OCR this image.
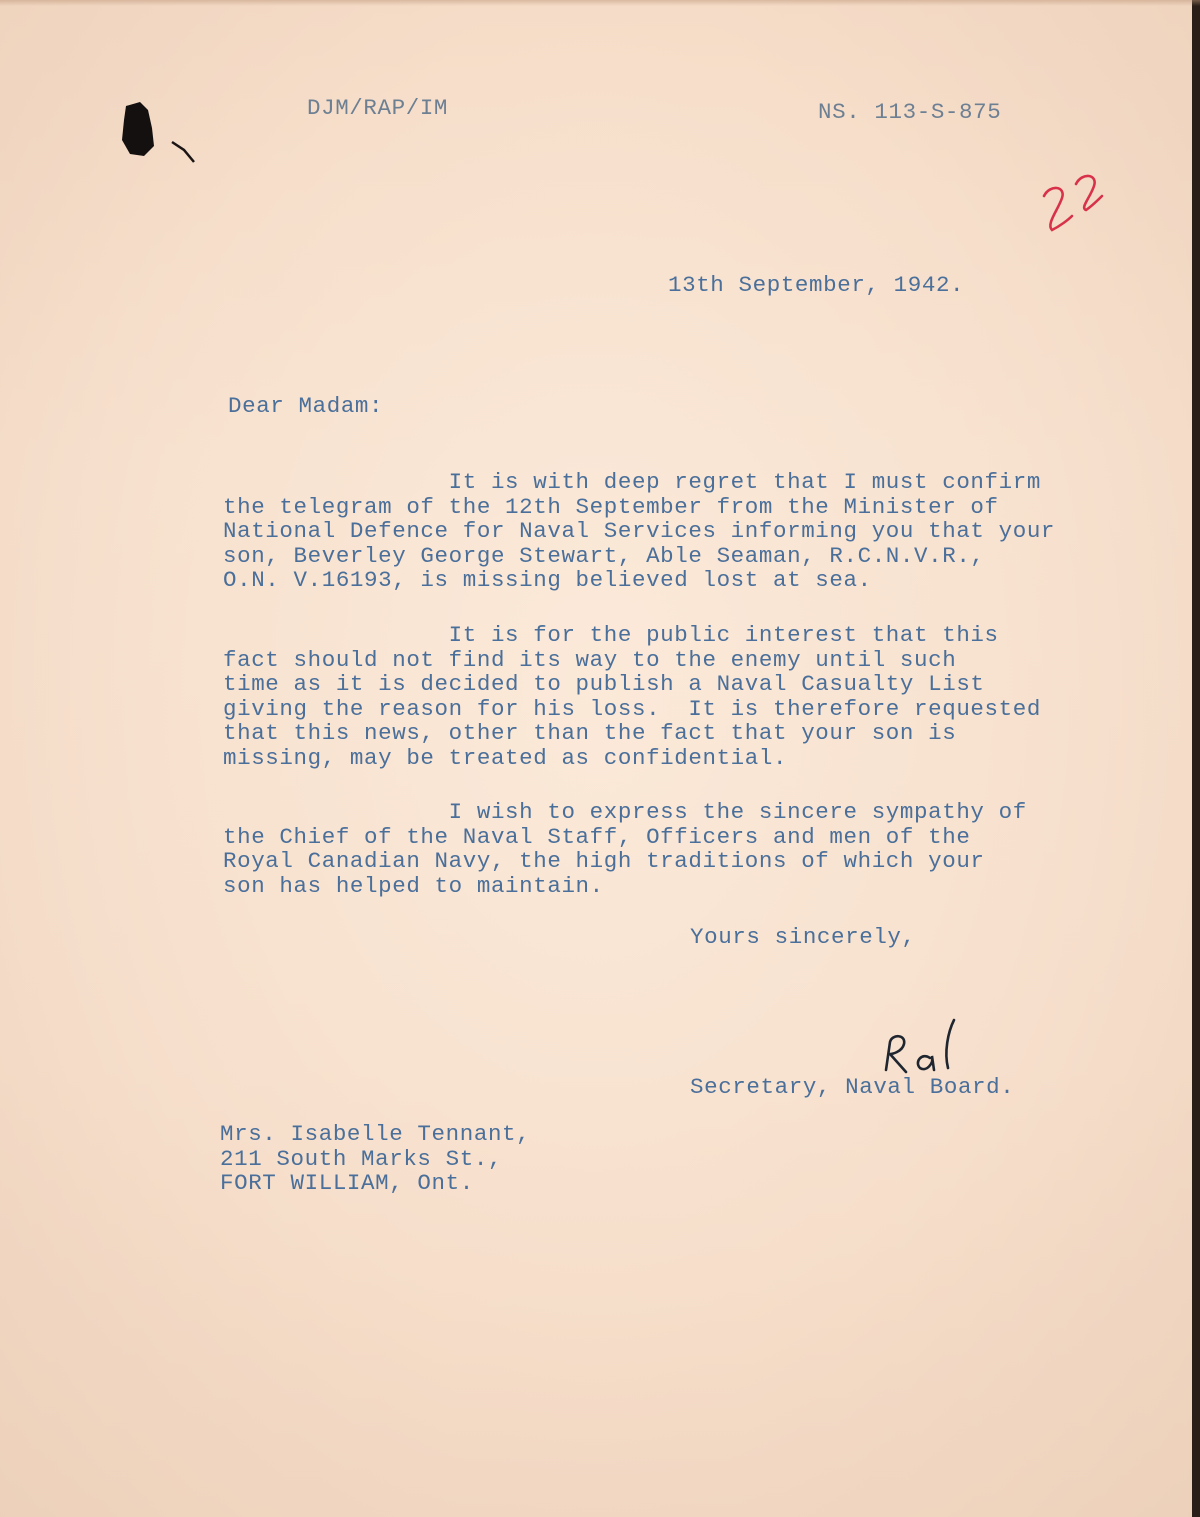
DJM/RAP/IM	NS. 113-S-875

13th September, 1942.

Dear Madam:

It is with deep regret that I must confirm
the telegram of the 12th September from the Minister of
National Defence for Naval Services informing you that your
son, Beverley George Stewart, Able Seaman, R.C.N.V.R.,
O.N. V.16193, is missing believed lost at sea.

It is for the public interest that this
fact should not find its way to the enemy until such
time as it is decided to publish a Naval Casualty List
giving the reason for his loss.  It is therefore requested
that this news, other than the fact that your son is
missing, may be treated as confidential.

I wish to express the sincere sympathy of
the Chief of the Naval Staff, Officers and men of the
Royal Canadian Navy, the high traditions of which your
son has helped to maintain.

Yours sincerely,

Secretary, Naval Board.

Mrs. Isabelle Tennant,
211 South Marks St.,
FORT WILLIAM, Ont.
